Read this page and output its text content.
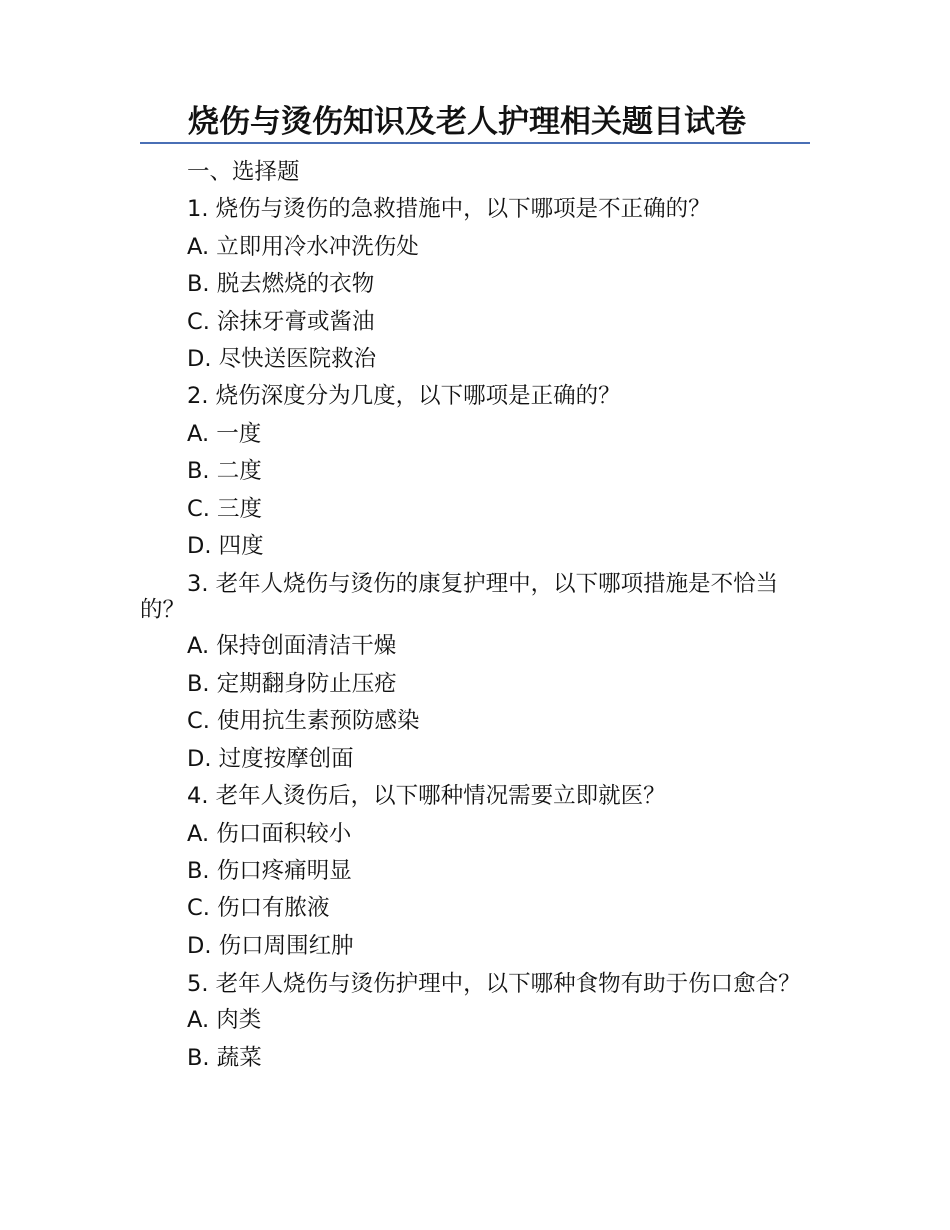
烧伤与烫伤知识及老人护理相关题目试卷

一、选择题

1. 烧伤与烫伤的急救措施中，以下哪项是不正确的？

A. 立即用冷水冲洗伤处

B. 脱去燃烧的衣物

C. 涂抹牙膏或酱油

D. 尽快送医院救治

2. 烧伤深度分为几度，以下哪项是正确的？

A. 一度

B. 二度

C. 三度

D. 四度

3. 老年人烧伤与烫伤的康复护理中，以下哪项措施是不恰当的？

A. 保持创面清洁干燥

B. 定期翻身防止压疮

C. 使用抗生素预防感染

D. 过度按摩创面

4. 老年人烫伤后，以下哪种情况需要立即就医？

A. 伤口面积较小

B. 伤口疼痛明显

C. 伤口有脓液

D. 伤口周围红肿

5. 老年人烧伤与烫伤护理中，以下哪种食物有助于伤口愈合？

A. 肉类

B. 蔬菜
